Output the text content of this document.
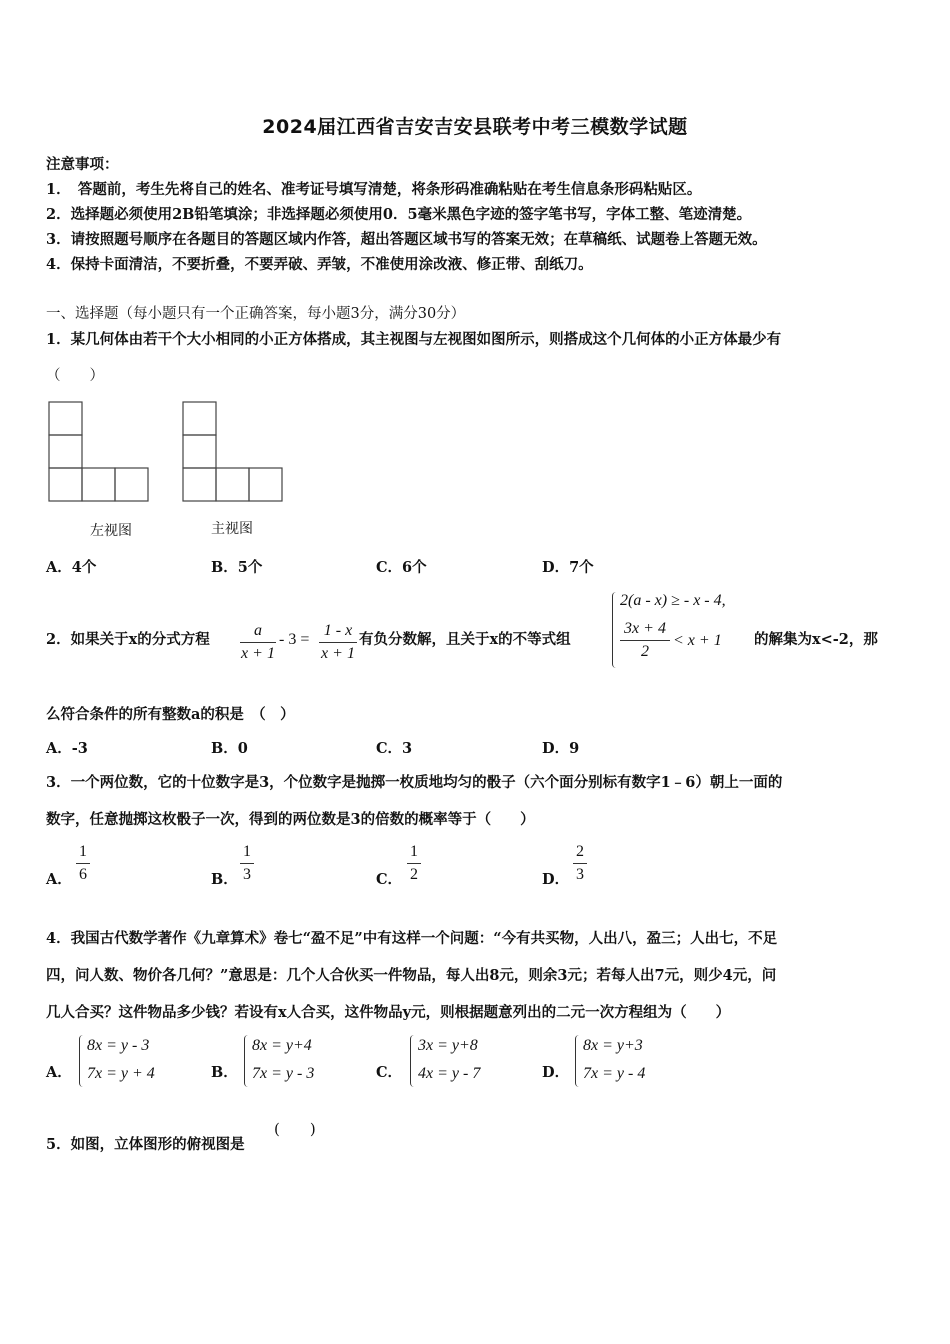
2024届江西省吉安吉安县联考中考三模数学试题
注意事项：
1．　答题前，考生先将自己的姓名、准考证号填写清楚，将条形码准确粘贴在考生信息条形码粘贴区。
2．选择题必须使用2B铅笔填涂；非选择题必须使用0．5毫米黑色字迹的签字笔书写，字体工整、笔迹清楚。
3．请按照题号顺序在各题目的答题区域内作答，超出答题区域书写的答案无效；在草稿纸、试题卷上答题无效。
4．保持卡面清洁，不要折叠，不要弄破、弄皱，不准使用涂改液、修正带、刮纸刀。
一、选择题（每小题只有一个正确答案，每小题3分，满分30分）
1．某几何体由若干个大小相同的小正方体搭成，其主视图与左视图如图所示，则搭成这个几何体的小正方体最少有
（　　）
左视图	主视图
A．4个	B．5个	C．6个	D．7个
2．如果关于x的分式方程
a
x + 1
- 3 =
1 - x
x + 1
有负分数解，且关于x的不等式组
2(a - x) ≥ - x - 4,
3x + 4
2
< x + 1 的解集为x<-2，那
么符合条件的所有整数a的积是　（　）
A．-3	B．0	C．3	D．9
3．一个两位数，它的十位数字是3，个位数字是抛掷一枚质地均匀的骰子（六个面分别标有数字1﹣6）朝上一面的
数字，任意抛掷这枚骰子一次，得到的两位数是3的倍数的概率等于（　　）
A．
1
6	B．
1
3	C．
1
2	D．
2
3
4．我国古代数学著作《九章算术》卷七“盈不足”中有这样一个问题：“今有共买物，人出八，盈三；人出七，不足
四，问人数、物价各几何？”意思是：几个人合伙买一件物品，每人出8元，则余3元；若每人出7元，则少4元，问
几人合买？这件物品多少钱？若设有x人合买，这件物品y元，则根据题意列出的二元一次方程组为（　　）
A．
8x = y - 3
7x = y + 4	B．
8x = y+4
7x = y - 3	C．
3x = y+8
4x = y - 7	D．
8x = y+3
7x = y - 4
5．如图，立体图形的俯视图是
(　　)
